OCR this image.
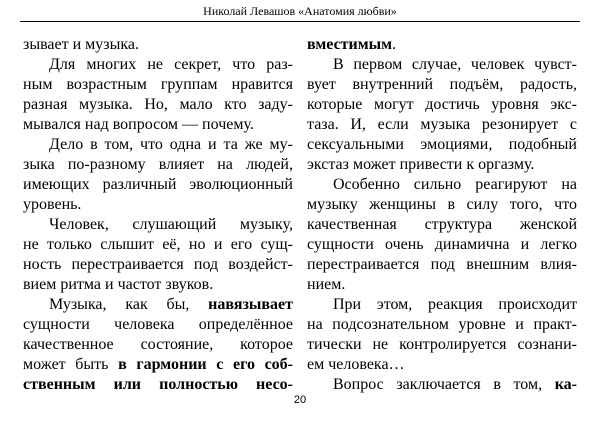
Николай Левашов «Анатомия любви»
зывает и музыка.
Для многих не секрет, что раз-
ным возрастным группам нравится
разная музыка. Но, мало кто заду-
мывался над вопросом — почему.
Дело в том, что одна и та же му-
зыка по-разному влияет на людей,
имеющих различный эволюционный
уровень.
Человек, слушающий музыку,
не только слышит её, но и его сущ-
ность перестраивается под воздейст-
вием ритма и частот звуков.
Музыка, как бы, навязывает
сущности человека определённое
качественное состояние, которое
может быть в гармонии с его соб-
ственным или полностью несо-
вместимым.
В первом случае, человек чувст-
вует внутренний подъём, радость,
которые могут достичь уровня экс-
таза. И, если музыка резонирует с
сексуальными эмоциями, подобный
экстаз может привести к оргазму.
Особенно сильно реагируют на
музыку женщины в силу того, что
качественная структура женской
сущности очень динамична и легко
перестраивается под внешним влия-
нием.
При этом, реакция происходит
на подсознательном уровне и практ-
тически не контролируется сознани-
ем человека…
Вопрос заключается в том, ка-
20
